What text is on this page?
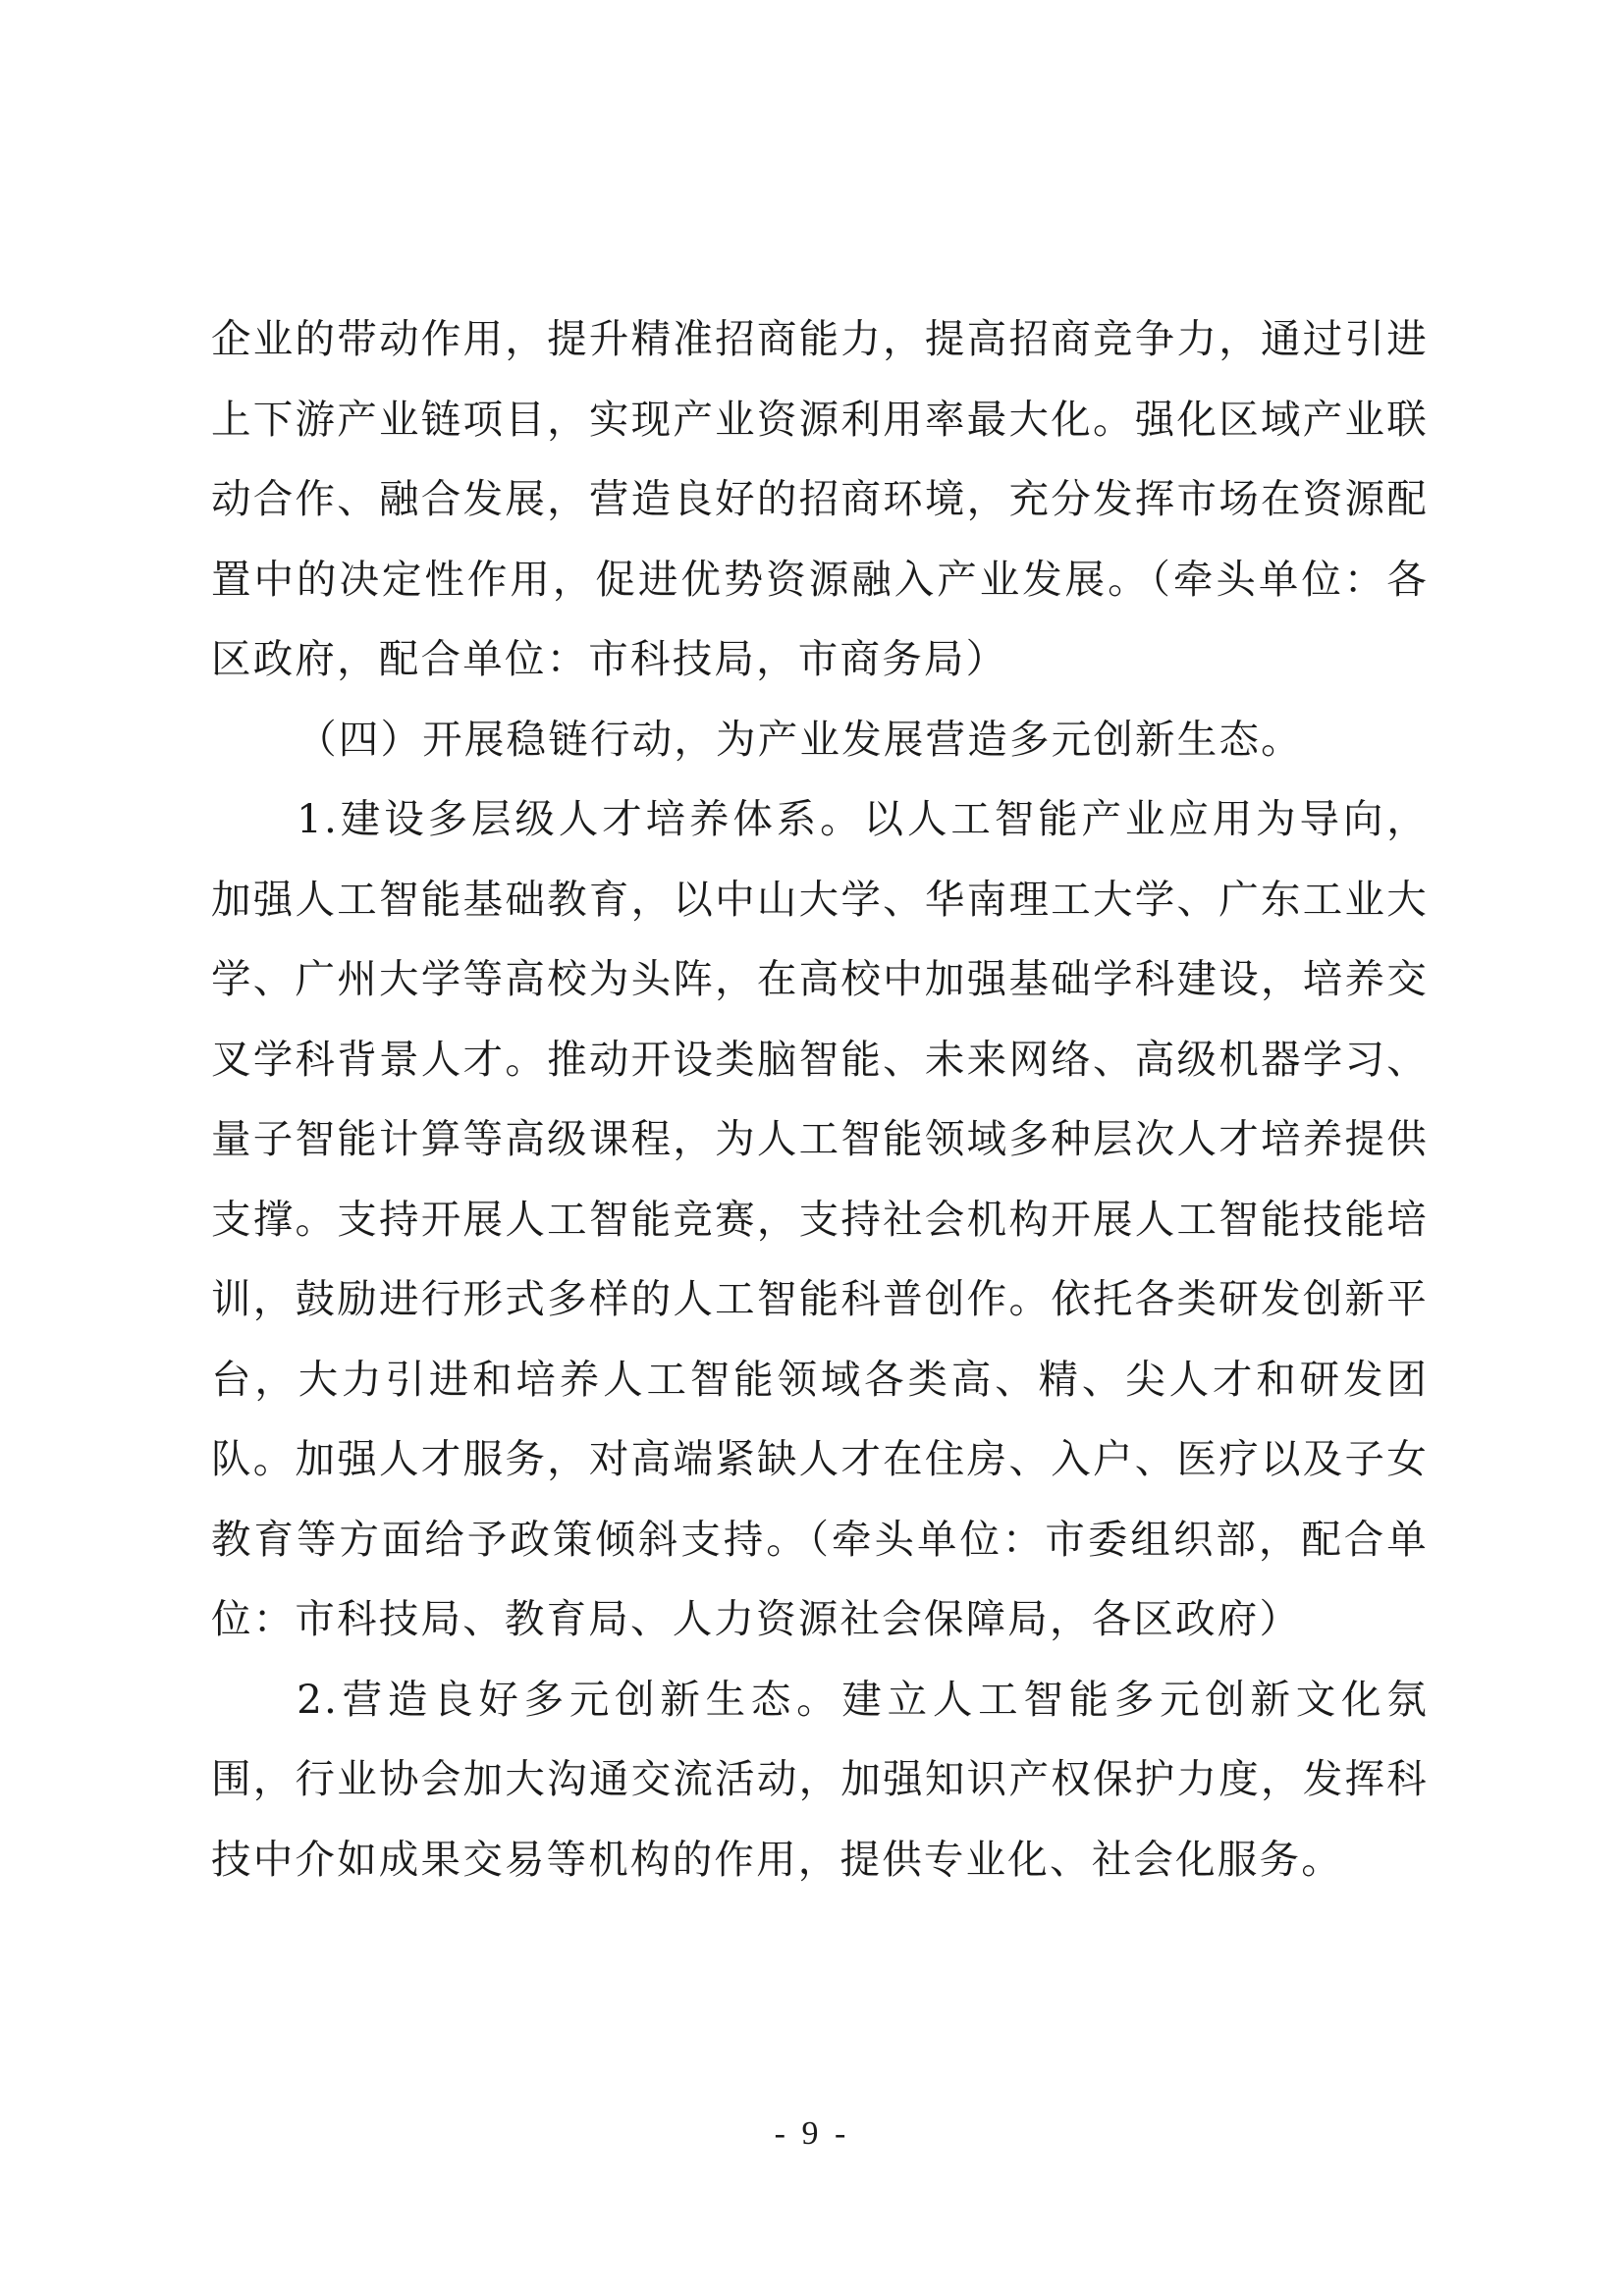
企业的带动作用，提升精准招商能力，提高招商竞争力，通过引进上下游产业链项目，实现产业资源利用率最大化。强化区域产业联动合作、融合发展，营造良好的招商环境，充分发挥市场在资源配置中的决定性作用，促进优势资源融入产业发展。（牵头单位：各区政府，配合单位：市科技局，市商务局）

（四）开展稳链行动，为产业发展营造多元创新生态。

1.建设多层级人才培养体系。以人工智能产业应用为导向，加强人工智能基础教育，以中山大学、华南理工大学、广东工业大学、广州大学等高校为头阵，在高校中加强基础学科建设，培养交叉学科背景人才。推动开设类脑智能、未来网络、高级机器学习、量子智能计算等高级课程，为人工智能领域多种层次人才培养提供支撑。支持开展人工智能竞赛，支持社会机构开展人工智能技能培训，鼓励进行形式多样的人工智能科普创作。依托各类研发创新平台，大力引进和培养人工智能领域各类高、精、尖人才和研发团队。加强人才服务，对高端紧缺人才在住房、入户、医疗以及子女教育等方面给予政策倾斜支持。（牵头单位：市委组织部，配合单位：市科技局、教育局、人力资源社会保障局，各区政府）

2.营造良好多元创新生态。建立人工智能多元创新文化氛围，行业协会加大沟通交流活动，加强知识产权保护力度，发挥科技中介如成果交易等机构的作用，提供专业化、社会化服务。

- 9 -
